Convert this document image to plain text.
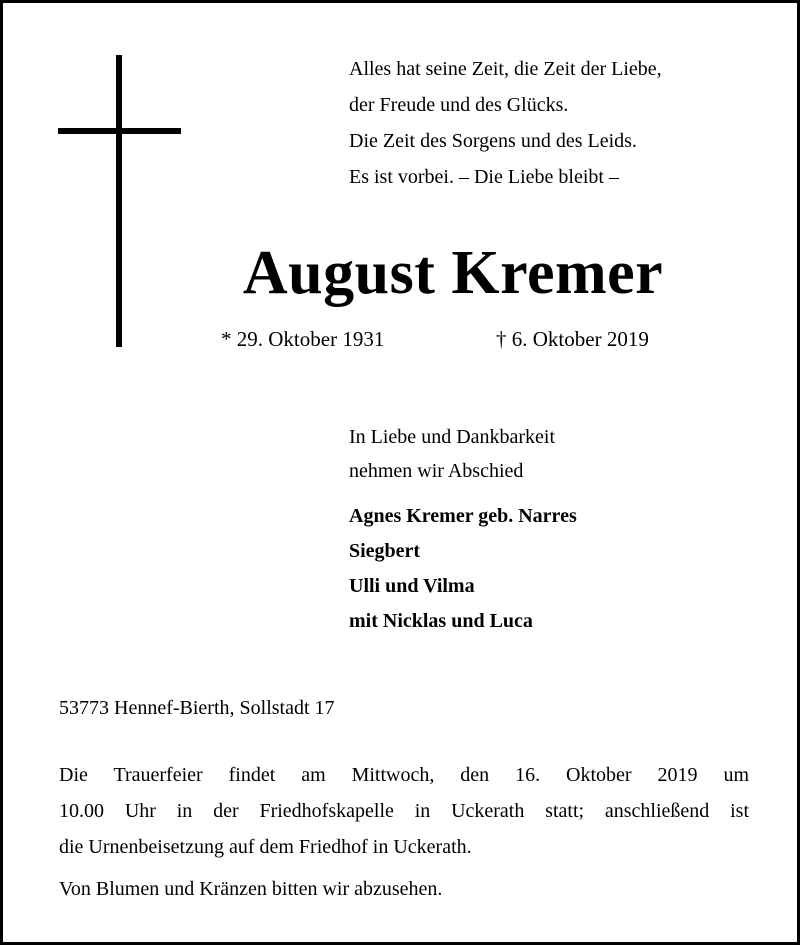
Alles hat seine Zeit, die Zeit der Liebe,
der Freude und des Glücks.
Die Zeit des Sorgens und des Leids.
Es ist vorbei. – Die Liebe bleibt –
August Kremer
* 29. Oktober 1931	† 6. Oktober 2019
In Liebe und Dankbarkeit
nehmen wir Abschied
Agnes Kremer geb. Narres
Siegbert
Ulli und Vilma
mit Nicklas und Luca
53773 Hennef-Bierth, Sollstadt 17
Die Trauerfeier findet am Mittwoch, den 16. Oktober 2019 um
10.00 Uhr in der Friedhofskapelle in Uckerath statt; anschließend ist
die Urnenbeisetzung auf dem Friedhof in Uckerath.
Von Blumen und Kränzen bitten wir abzusehen.
